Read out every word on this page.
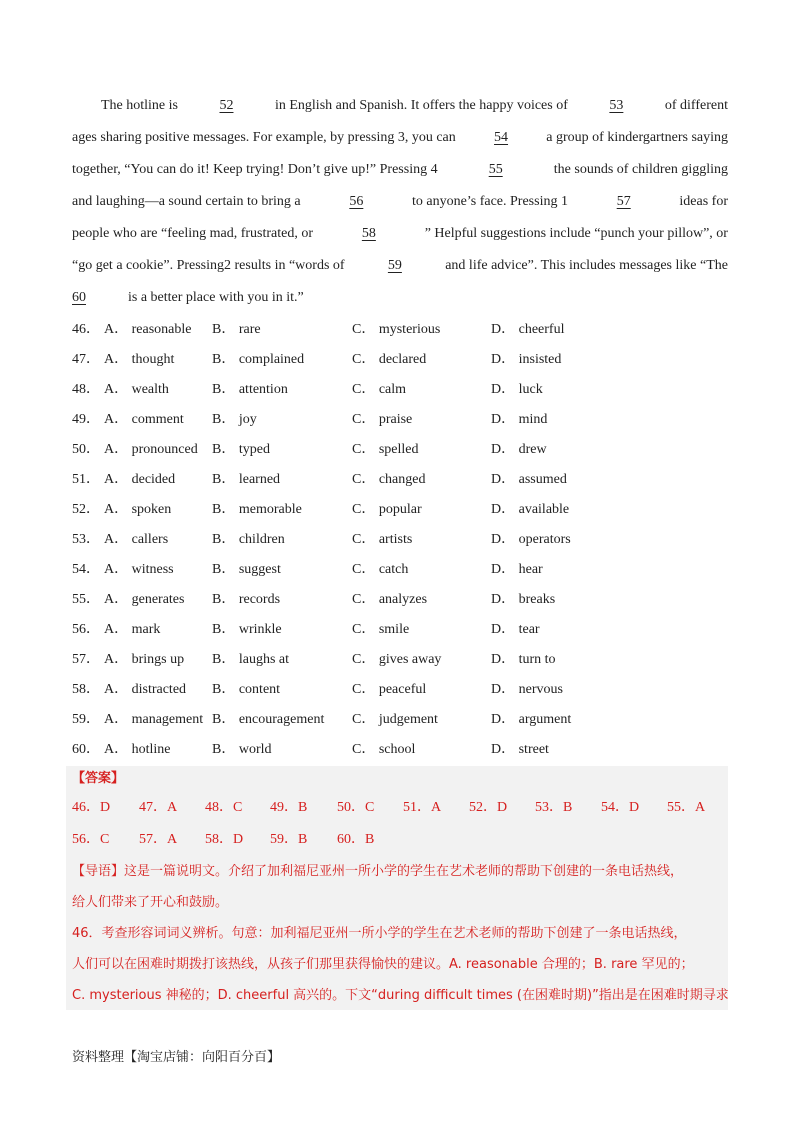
The hotline is	52	in English and Spanish. It offers the happy voices of	53	of different
ages sharing positive messages. For example, by pressing 3, you can	54	a group of kindergartners saying
together, “You can do it! Keep trying! Don’t give up!” Pressing 4	55	the sounds of children giggling
and laughing—a sound certain to bring a	56	to anyone’s face. Pressing 1	57	ideas for
people who are “feeling mad, frustrated, or	58	” Helpful suggestions include “punch your pillow”, or
“go get a cookie”. Pressing2 results in “words of	59	and life advice”. This includes messages like “The
60	is a better place with you in it.”
46． A． reasonable B． rare	C． mysterious	D． cheerful
47． A． thought	B． complained	C． declared	D． insisted
48． A． wealth	B． attention	C． calm	D． luck
49． A． comment B． joy	C． praise	D． mind
50． A． pronounced B． typed	C． spelled	D． drew
51． A． decided	B． learned	C． changed	D． assumed
52． A． spoken	B． memorable	C． popular	D． available
53． A． callers	B． children	C． artists	D． operators
54． A． witness	B． suggest	C． catch	D． hear
55． A． generates B． records	C． analyzes	D． breaks
56． A． mark	B． wrinkle	C． smile	D． tear
57． A． brings up B． laughs at	C． gives away	D． turn to
58． A． distracted B． content	C． peaceful	D． nervous
59． A． management B． encouragement C． judgement	D． argument
60． A． hotline	B． world	C． school	D． street
【答案】
46．D 47．A 48．C 49．B 50．C 51．A 52．D 53．B 54．D 55．A
56．C 57．A 58．D 59．B 60．B
【导语】这是一篇说明文。介绍了加利福尼亚州一所小学的学生在艺术老师的帮助下创建的一条电话热线，
给人们带来了开心和鼓励。
46．考查形容词词义辨析。句意：加利福尼亚州一所小学的学生在艺术老师的帮助下创建了一条电话热线，
人们可以在困难时期拨打该热线，从孩子们那里获得愉快的建议。A. reasonable 合理的；B. rare 罕见的；
C. mysterious 神秘的；D. cheerful 高兴的。下文“during difficult times (在困难时期)”指出是在困难时期寻求
资料整理【淘宝店铺：向阳百分百】
